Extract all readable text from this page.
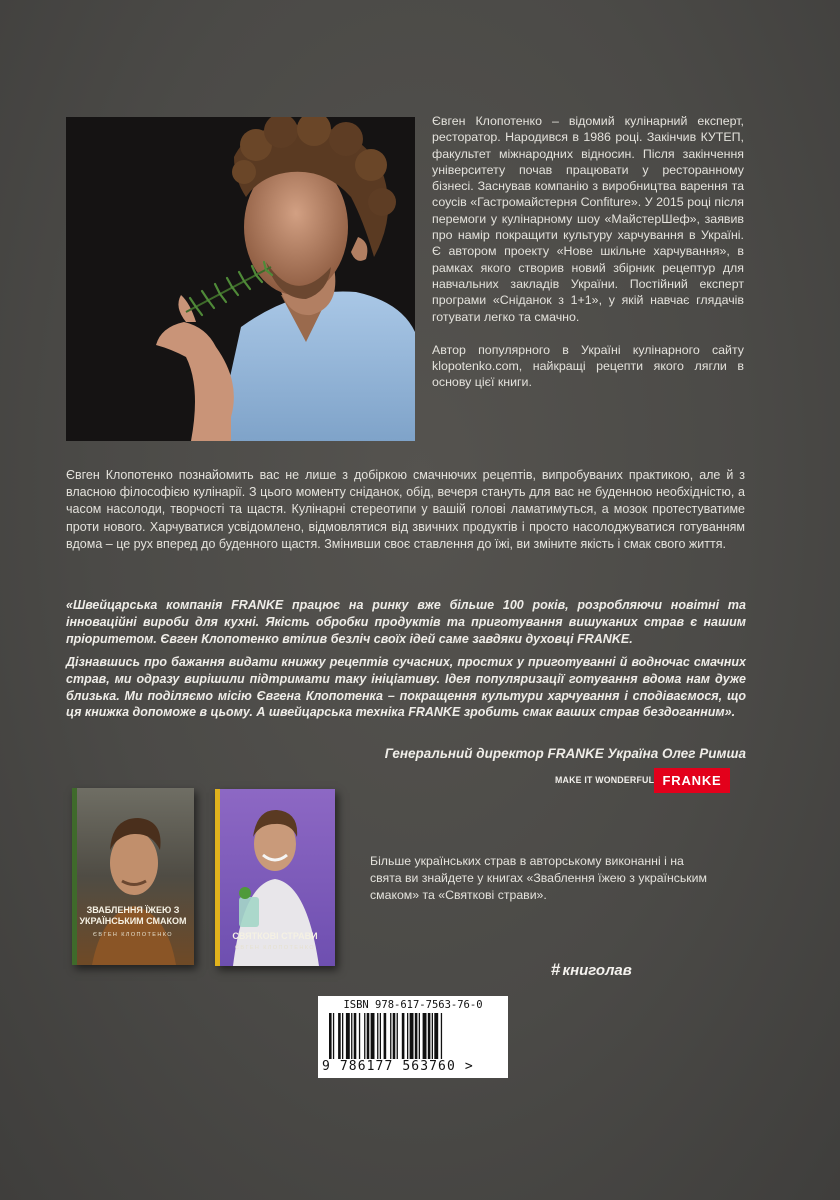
Євген Клопотенко – відомий кулінарний експерт, ресторатор. Народився в 1986 році. Закінчив КУТЕП, факультет міжнародних відносин. Після закінчення університету почав працювати у ресторанному бізнесі. Заснував компанію з виробництва варення та соусів «Гастромайстерня Confiture». У 2015 році після перемоги у кулінарному шоу «МайстерШеф», заявив про намір покращити культуру харчування в Україні. Є автором проекту «Нове шкільне харчування», в рамках якого створив новий збірник рецептур для навчальних закладів України. Постійний експерт програми «Сніданок з 1+1», у якій навчає глядачів готувати легко та смачно.

Автор популярного в Україні кулінарного сайту klopotenko.com, найкращі рецепти якого лягли в основу цієї книги.

Євген Клопотенко познайомить вас не лише з добіркою смачнючих рецептів, випробуваних практикою, але й з власною філософією кулінарії. З цього моменту сніданок, обід, вечеря стануть для вас не буденною необхідністю, а часом насолоди, творчості та щастя. Кулінарні стереотипи у вашій голові ламатимуться, а мозок протестуватиме проти нового. Харчуватися усвідомлено, відмовлятися від звичних продуктів і просто насолоджуватися готуванням вдома – це рух вперед до буденного щастя. Змінивши своє ставлення до їжі, ви зміните якість і смак свого життя.

«Швейцарська компанія FRANKE працює на ринку вже більше 100 років, розробляючи новітні та інноваційні вироби для кухні. Якість обробки продуктів та приготування вишуканих страв є нашим пріоритетом. Євген Клопотенко втілив безліч своїх ідей саме завдяки духовці FRANKE.

Дізнавшись про бажання видати книжку рецептів сучасних, простих у приготуванні й водночас смачних страв, ми одразу вирішили підтримати таку ініціативу. Ідея популяризації готування вдома нам дуже близька. Ми поділяємо місію Євгена Клопотенка – покращення культури харчування і сподіваємося, що ця книжка допоможе в цьому. А швейцарська техніка FRANKE зробить смак ваших страв бездоганним».

Генеральний директор FRANKE Україна Олег Римша

MAKE IT WONDERFUL FRANKE
ЗВАБЛЕННЯ ЇЖЕЮ З УКРАЇНСЬКИМ СМАКОМ
ЄВГЕН КЛОПОТЕНКО	СВЯТКОВІ СТРАВИ
ЄВГЕН КЛОПОТЕНКО

Більше українських страв в авторському виконанні і на свята ви знайдете у книгах «Зваблення їжею з українським смаком» та «Святкові страви».

# книголав
ISBN 978-617-7563-76-0
9 786177 563760 >
